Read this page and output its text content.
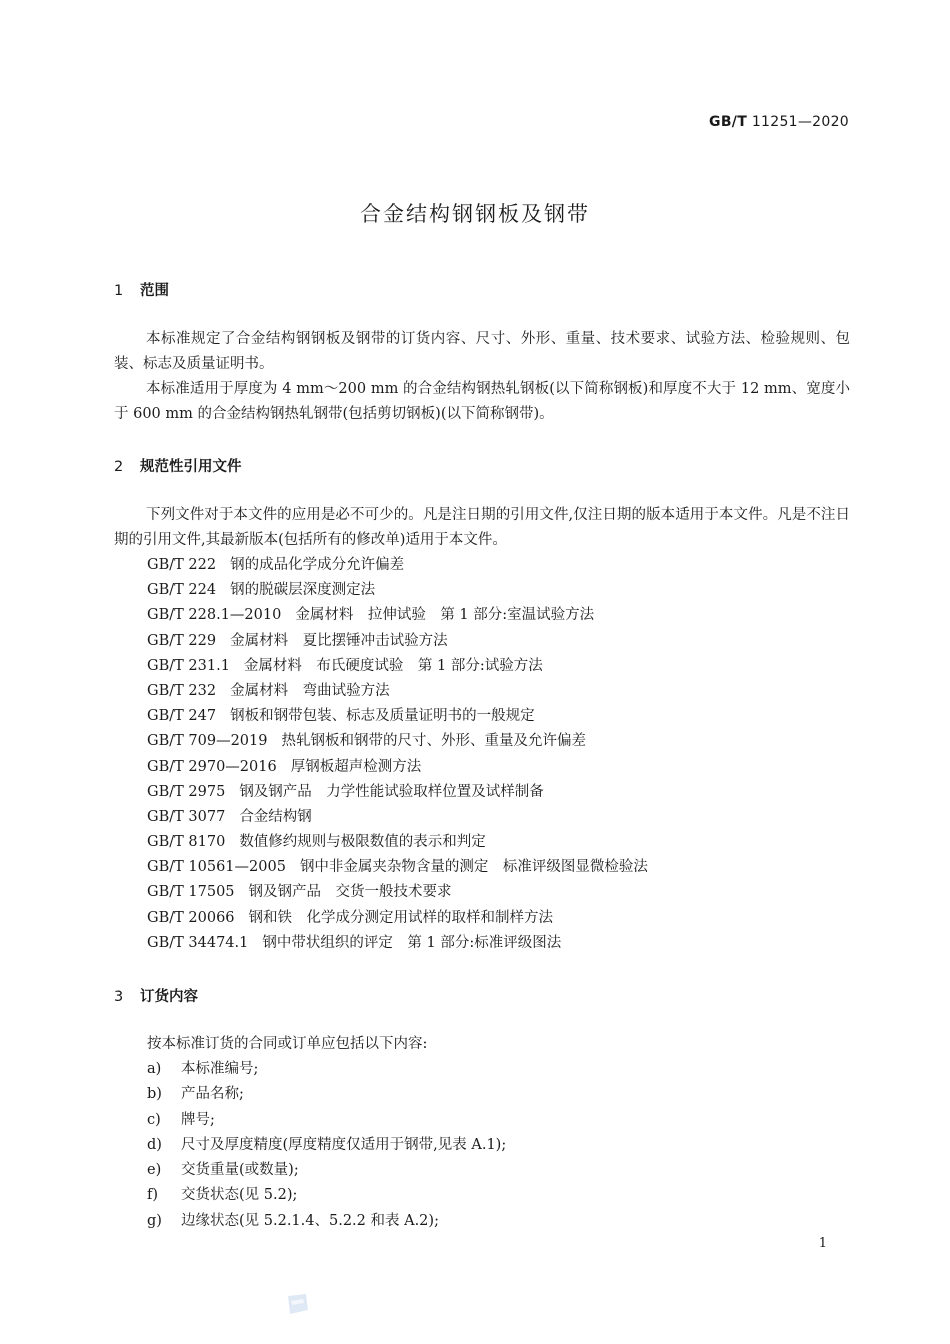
GB/T 11251—2020
合金结构钢钢板及钢带
1 范围

本标准规定了合金结构钢钢板及钢带的订货内容、尺寸、外形、重量、技术要求、试验方法、检验规则、包装、标志及质量证明书。

本标准适用于厚度为 4 mm～200 mm 的合金结构钢热轧钢板(以下简称钢板)和厚度不大于 12 mm、宽度小于 600 mm 的合金结构钢热轧钢带(包括剪切钢板)(以下简称钢带)。

2 规范性引用文件

下列文件对于本文件的应用是必不可少的。凡是注日期的引用文件,仅注日期的版本适用于本文件。凡是不注日期的引用文件,其最新版本(包括所有的修改单)适用于本文件。

GB/T 222 钢的成品化学成分允许偏差
GB/T 224 钢的脱碳层深度测定法
GB/T 228.1—2010 金属材料　拉伸试验　第 1 部分:室温试验方法
GB/T 229 金属材料　夏比摆锤冲击试验方法
GB/T 231.1 金属材料　布氏硬度试验　第 1 部分:试验方法
GB/T 232 金属材料　弯曲试验方法
GB/T 247 钢板和钢带包装、标志及质量证明书的一般规定
GB/T 709—2019 热轧钢板和钢带的尺寸、外形、重量及允许偏差
GB/T 2970—2016 厚钢板超声检测方法
GB/T 2975 钢及钢产品　力学性能试验取样位置及试样制备
GB/T 3077 合金结构钢
GB/T 8170 数值修约规则与极限数值的表示和判定
GB/T 10561—2005 钢中非金属夹杂物含量的测定　标准评级图显微检验法
GB/T 17505 钢及钢产品　交货一般技术要求
GB/T 20066 钢和铁　化学成分测定用试样的取样和制样方法
GB/T 34474.1 钢中带状组织的评定　第 1 部分:标准评级图法
3 订货内容
按本标准订货的合同或订单应包括以下内容:
a) 本标准编号;
b) 产品名称;
c) 牌号;
d) 尺寸及厚度精度(厚度精度仅适用于钢带,见表 A.1);
e) 交货重量(或数量);
f) 交货状态(见 5.2);
g) 边缘状态(见 5.2.1.4、5.2.2 和表 A.2);
1
